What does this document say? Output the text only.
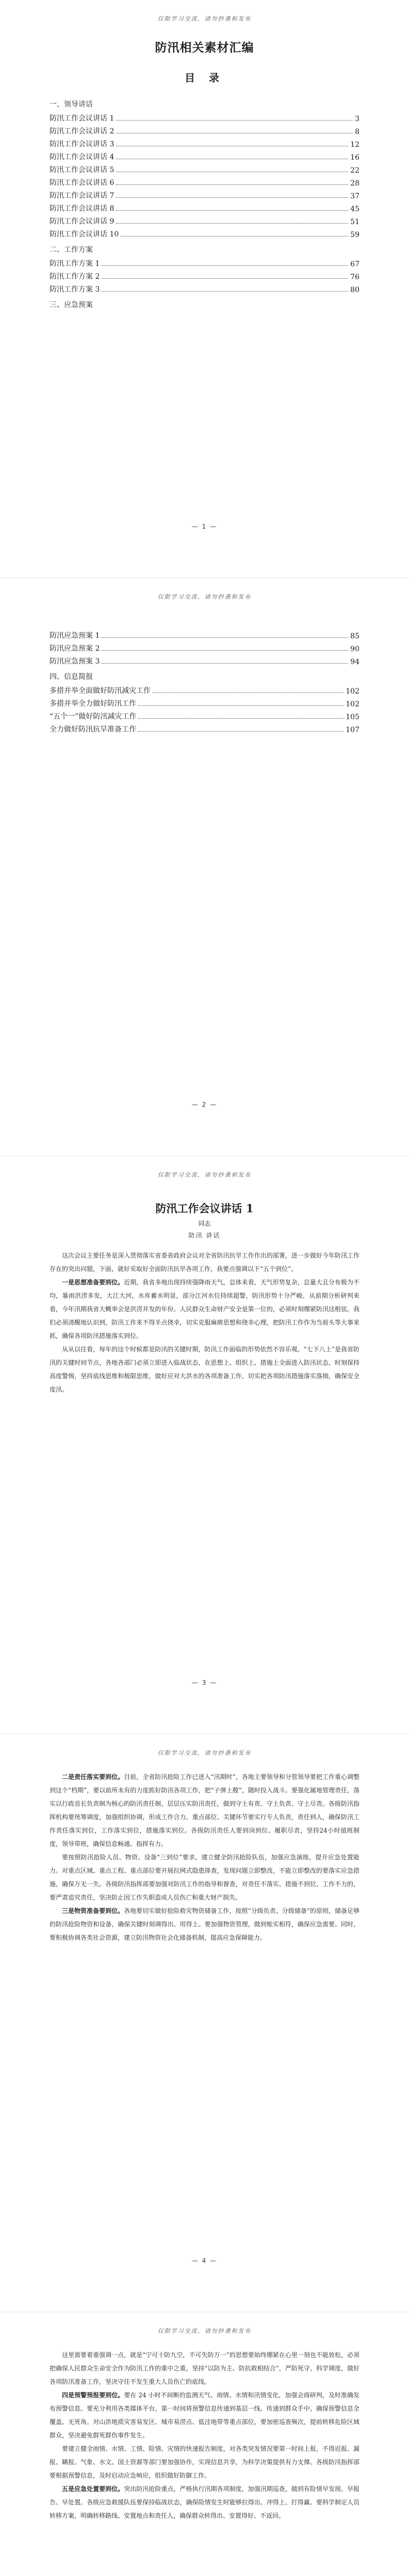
仅限学习交流，请勿抄袭和发布
防汛相关素材汇编
目 录
一、领导讲话
防汛工作会议讲话 1	3
防汛工作会议讲话 2	8
防汛工作会议讲话 3	12
防汛工作会议讲话 4	16
防汛工作会议讲话 5	22
防汛工作会议讲话 6	28
防汛工作会议讲话 7	37
防汛工作会议讲话 8	45
防汛工作会议讲话 9	51
防汛工作会议讲话 10	59
二、工作方案
防汛工作方案 1	67
防汛工作方案 2	76
防汛工作方案 3	80
三、应急预案
— 1 —
仅限学习交流，请勿抄袭和发布
防汛应急预案 1	85
防汛应急预案 2	90
防汛应急预案 3	94
四、信息简报
多措并举全面做好防汛减灾工作	102
多措并举全力做好防汛工作	102
“五个一”做好防汛减灾工作	105
全力做好防汛抗旱准备工作	107
— 2 —
仅限学习交流，请勿抄袭和发布
防汛工作会议讲话 1
同志
防汛 讲话

这次会议主要任务是深入贯彻落实省委省政府会议对全省防汛抗旱工作作出的部署，进一步做好今年防汛工作存在的突出问题，下面，就好采取好全面防汛抗旱各项工作，我要点强调以下“五个到位”。

一是思想准备要到位。近期，我省多地出现持续强降雨天气，总体来看，天气形势复杂，总量大且分布极为不均，暴雨洪涝多发，大江大河，水库蓄水明显，部分江河水位持续超警，防汛形势十分严峻，从前期分析研判来看，今年汛期我省大概率会是洪涝并发的年份。人民群众生命财产安全是第一位的，必须时刻绷紧防汛这根弦。我们必须清醒地认识到，防汛工作来不得半点侥幸，切实克服麻痹思想和侥幸心理，把防汛工作作为当前头等大事来抓，确保各项防汛措施落实到位。

从从以往看，每年的这个时候都是防汛的关键时期，防汛工作面临的形势依然不容乐观。“七下八上”是我省防汛的关键时间节点，各地各部门必须立即进入临战状态，在思想上、组织上、措施上全面进入防汛状态，时刻保持高度警惕，坚持底线思维和极限思维，做好应对大洪水的各项准备工作，切实把各项防汛措施落实落细，确保安全度汛。

— 3 —
仅限学习交流，请勿抄袭和发布

二是责任落实要到位。目前，全省防汛抢险工作已进入“汛期时”，各地主要领导和分管领导要把工作重心调整到这个“档期”，要以前所未有的力度抓好防汛各项工作，把“子弹上膛”，随时投入战斗。要强化属地管理责任，落实以行政首长负责制为核心的防汛责任制，层层压实防汛责任，做到守土有责、守土负责、守土尽责。各级防汛指挥机构要统筹调度，加强组织协调，形成工作合力。重点部位、关键环节要实行专人负责，责任到人，确保防汛工作责任落实到位，工作落实到位，措施落实到位。各级防汛责任人要到岗到位、履职尽责，坚持24小时值班制度，领导带班，确保信息畅通、指挥有力。

要按照防汛抢险人员、物资、设备“三到位”要求，建立健全防汛抢险队伍，加强应急演练，提升应急处置能力。对重点区域、重点工程、重点部位要开展拉网式隐患排查，发现问题立即整改，不能立即整改的要落实应急措施，确保万无一失。各级防汛指挥部要加强对防汛工作的指导和督查，对责任不落实、措施不到位、工作不力的，要严肃追究责任，坚决防止因工作失职造成人员伤亡和重大财产损失。

三是物资准备要到位。各地要切实做好抢险救灾物资储备工作，按照“分级负责、分级储备”的原则，储备足够的防汛抢险物资和设备，确保关键时刻调得出、用得上。要加强物资管理，做到账实相符，确保应急需要。同时，要积极协调各类社会资源，建立防汛物资社会化储备机制，提高应急保障能力。

— 4 —
仅限学习交流，请勿抄袭和发布

这里需要着重强调一点，就是“宁可十防九空，不可失防万一”的思想要始终绷紧在心里一刻也不能放松，必须把确保人民群众生命安全作为防汛工作的重中之重，坚持“以防为主、防抗救相结合”，严防死守、科学调度，做好各项防汛准备工作，坚决守住不发生重大人员伤亡的底线。

四是预警预报要到位。要在 24 小时不间断的监测天气、雨情、水情和汛情变化，加强会商研判，及时准确发布预警信息。要充分利用各类媒体平台，第一时间将预警信息传递到基层一线、传递到群众手中，确保预警信息全覆盖、无死角。对山洪地质灾害易发区、城市易涝点、低洼地带等重点部位，要加密巡查频次，提前转移危险区域群众，坚决避免群死群伤事件发生。

要建立健全雨情、水情、工情、险情、灾情的快速报告制度，对各类突发情况要第一时间上报，不得迟报、漏报、瞒报。气象、水文、国土资源等部门要加强协作，实现信息共享，为科学决策提供有力支撑。各级防汛指挥部要根据预警信息，及时启动应急响应，组织做好防御工作。

五是应急处置要到位。突出防汛抢险重点，严格执行汛期各项制度，加强汛期巡查，做到有险情早发现、早报告、早处置。各级应急救援队伍要保持临战状态，确保险情发生时能够拉得出、冲得上、打得赢。要科学制定人员转移方案，明确转移路线、安置地点和责任人，确保群众转得出、安置得好、不返回。
